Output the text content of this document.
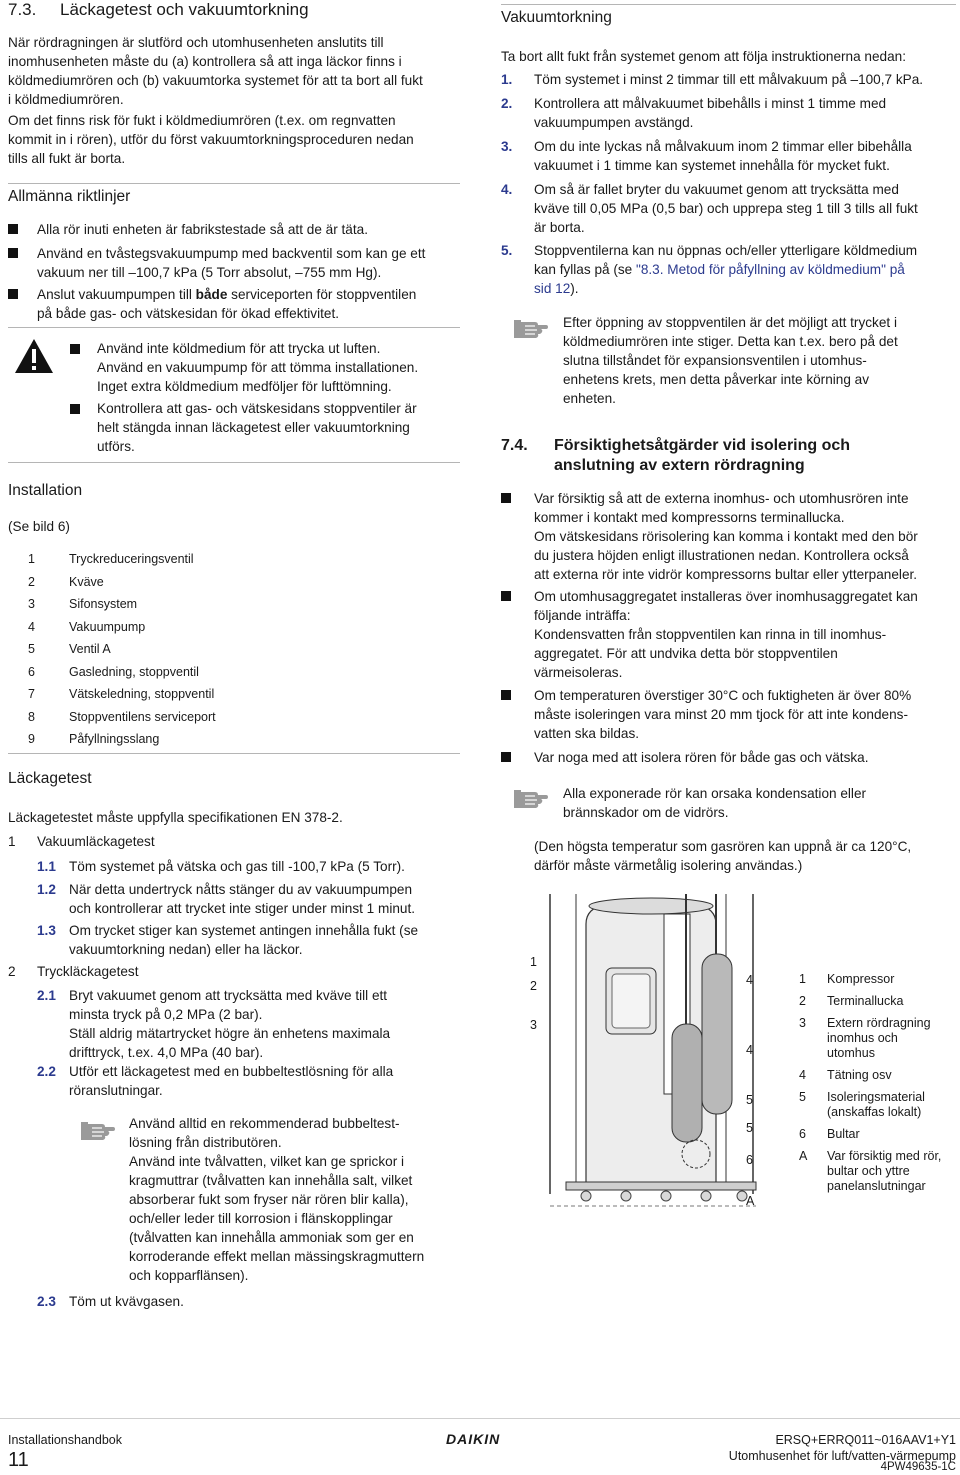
7.3. Läckagetest och vakuumtorkning

När rördragningen är slutförd och utomhusenheten anslutits till

inomhusenheten måste du (a) kontrollera så att inga läckor finns i

köldmediumrören och (b) vakuumtorka systemet för att ta bort all fukt

i köldmediumrören.

Om det finns risk för fukt i köldmediumrören (t.ex. om regnvatten

kommit in i rören), utför du först vakuumtorkningsproceduren nedan

tills all fukt är borta.

Allmänna riktlinjer

Alla rör inuti enheten är fabrikstestade så att de är täta.

Använd en tvåstegsvakuumpump med backventil som kan ge ett

vakuum ner till –100,7 kPa (5 Torr absolut, –755 mm Hg).

Anslut vakuumpumpen till både serviceporten för stoppventilen

på både gas- och vätskesidan för ökad effektivitet.

Använd inte köldmedium för att trycka ut luften.

Använd en vakuumpump för att tömma installationen.

Inget extra köldmedium medföljer för lufttömning.

Kontrollera att gas- och vätskesidans stoppventiler är

helt stängda innan läckagetest eller vakuumtorkning

utförs.

Installation
(Se bild 6)
1	Tryckreduceringsventil
2	Kväve
3	Sifonsystem
4	Vakuumpump
5	Ventil A
6	Gasledning, stoppventil
7	Vätskeledning, stoppventil
8	Stoppventilens serviceport
9	Påfyllningsslang
Läckagetest
Läckagetestet måste uppfylla specifikationen EN 378-2.
1 Vakuumläckagetest
1.1 Töm systemet på vätska och gas till -100,7 kPa (5 Torr).
1.2 När detta undertryck nåtts stänger du av vakuumpumpen

och kontrollerar att trycket inte stiger under minst 1 minut.

1.3 Om trycket stiger kan systemet antingen innehålla fukt (se

vakuumtorkning nedan) eller ha läckor.

2 Tryckläckagetest
2.1 Bryt vakuumet genom att trycksätta med kväve till ett

minsta tryck på 0,2 MPa (2 bar).

Ställ aldrig mätartrycket högre än enhetens maximala

drifttryck, t.ex. 4,0 MPa (40 bar).

2.2 Utför ett läckagetest med en bubbeltestlösning för alla

röranslutningar.

Använd alltid en rekommenderad bubbeltest-

lösning från distributören.

Använd inte tvålvatten, vilket kan ge sprickor i

kragmuttrar (tvålvatten kan innehålla salt, vilket

absorberar fukt som fryser när rören blir kalla),

och/eller leder till korrosion i flänskopplingar

(tvålvatten kan innehålla ammoniak som ger en

korroderande effekt mellan mässingskragmuttern

och kopparflänsen).

2.3 Töm ut kvävgasen.
Vakuumtorkning
Ta bort allt fukt från systemet genom att följa instruktionerna nedan:
1. Töm systemet i minst 2 timmar till ett målvakuum på –100,7 kPa.

2. Kontrollera att målvakuumet bibehålls i minst 1 timme med

vakuumpumpen avstängd.

3. Om du inte lyckas nå målvakuum inom 2 timmar eller bibehålla

vakuumet i 1 timme kan systemet innehålla för mycket fukt.

4. Om så är fallet bryter du vakuumet genom att trycksätta med

kväve till 0,05 MPa (0,5 bar) och upprepa steg 1 till 3 tills all fukt

är borta.

5. Stoppventilerna kan nu öppnas och/eller ytterligare köldmedium

kan fyllas på (se "8.3. Metod för påfyllning av köldmedium" på

sid 12).

Efter öppning av stoppventilen är det möjligt att trycket i

köldmediumrören inte stiger. Detta kan t.ex. bero på det

slutna tillståndet för expansionsventilen i utomhus-

enhetens krets, men detta påverkar inte körning av

enheten.

7.4. Försiktighetsåtgärder vid isolering och

anslutning av extern rördragning

Var försiktig så att de externa inomhus- och utomhusrören inte

kommer i kontakt med kompressorns terminallucka.

Om vätskesidans rörisolering kan komma i kontakt med den bör

du justera höjden enligt illustrationen nedan. Kontrollera också

att externa rör inte vidrör kompressorns bultar eller ytterpaneler.

Om utomhusaggregatet installeras över inomhusaggregatet kan

följande inträffa:

Kondensvatten från stoppventilen kan rinna in till inomhus-

aggregatet. För att undvika detta bör stoppventilen

värmeisoleras.

Om temperaturen överstiger 30°C och fuktigheten är över 80%

måste isoleringen vara minst 20 mm tjock för att inte kondens-

vatten ska bildas.

Var noga med att isolera rören för både gas och vätska.

Alla exponerade rör kan orsaka kondensation eller

brännskador om de vidrörs.

(Den högsta temperatur som gasrören kan uppnå är ca 120°C,

därför måste värmetålig isolering användas.)

1
2
3
4
4
5
5
6
A
1 Kompressor
2 Terminallucka
3 Extern rördragning

inomhus och

utomhus

4 Tätning osv
5 Isoleringsmaterial

(anskaffas lokalt)

6 Bultar
A Var försiktig med rör,

bultar och yttre

panelanslutningar

Installationshandbok
11
DAIKIN	ERSQ+ERRQ011~016AAV1+Y1
Utomhusenhet för luft/vatten-värmepump
4PW49635-1C
